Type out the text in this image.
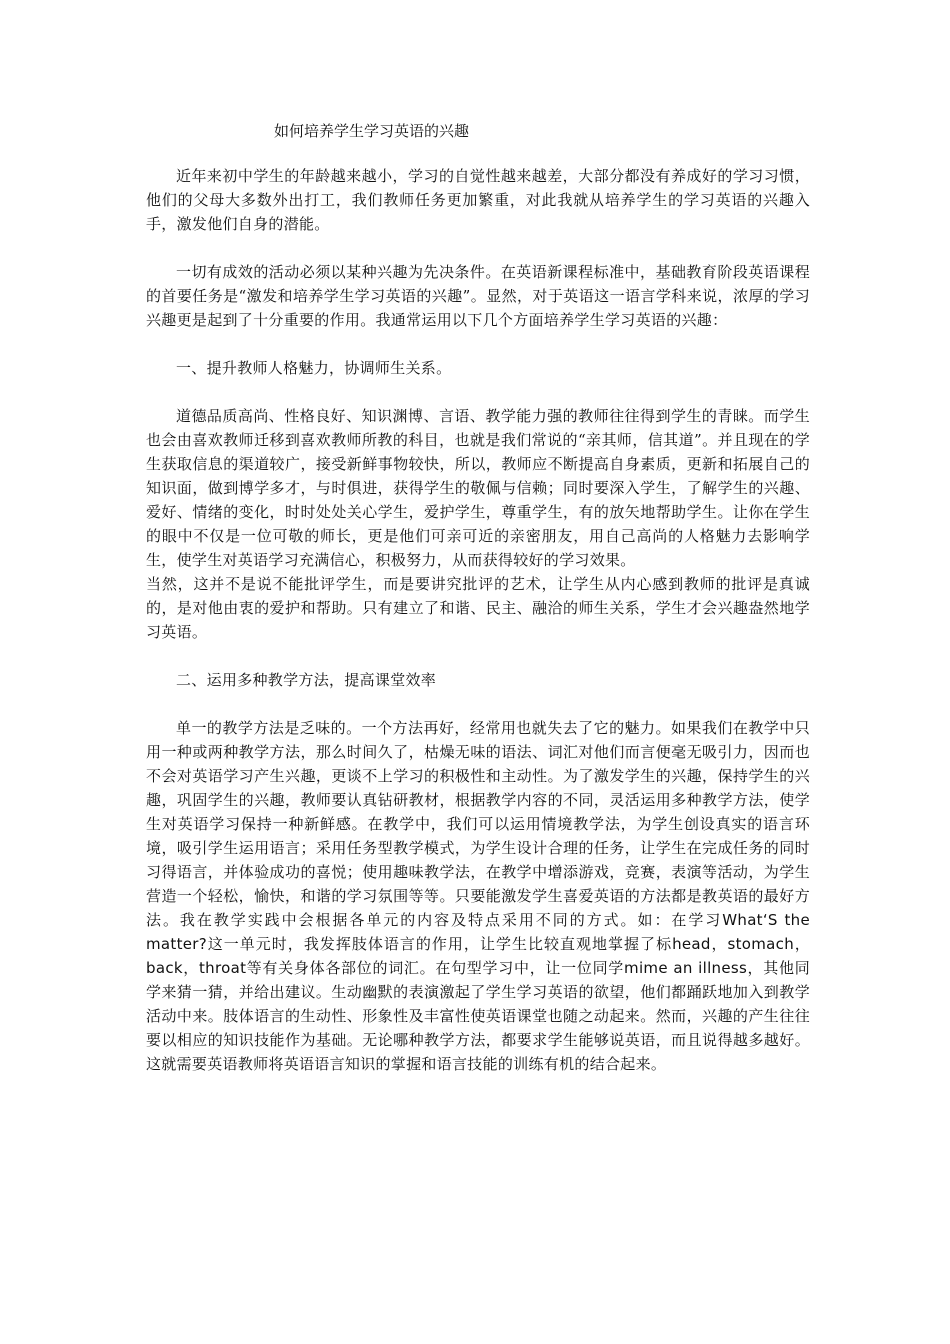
如何培养学生学习英语的兴趣

近年来初中学生的年龄越来越小，学习的自觉性越来越差，大部分都没有养成好的学习习惯，他们的父母大多数外出打工，我们教师任务更加繁重，对此我就从培养学生的学习英语的兴趣入手，激发他们自身的潜能。

一切有成效的活动必须以某种兴趣为先决条件。在英语新课程标准中，基础教育阶段英语课程的首要任务是“激发和培养学生学习英语的兴趣”。显然，对于英语这一语言学科来说，浓厚的学习兴趣更是起到了十分重要的作用。我通常运用以下几个方面培养学生学习英语的兴趣：

一、提升教师人格魅力，协调师生关系。

道德品质高尚、性格良好、知识渊博、言语、教学能力强的教师往往得到学生的青睐。而学生也会由喜欢教师迁移到喜欢教师所教的科目，也就是我们常说的“亲其师，信其道”。并且现在的学生获取信息的渠道较广，接受新鲜事物较快，所以，教师应不断提高自身素质，更新和拓展自己的知识面，做到博学多才，与时俱进，获得学生的敬佩与信赖；同时要深入学生，了解学生的兴趣、爱好、情绪的变化，时时处处关心学生，爱护学生，尊重学生，有的放矢地帮助学生。让你在学生的眼中不仅是一位可敬的师长，更是他们可亲可近的亲密朋友，用自己高尚的人格魅力去影响学生，使学生对英语学习充满信心，积极努力，从而获得较好的学习效果。

当然，这并不是说不能批评学生，而是要讲究批评的艺术，让学生从内心感到教师的批评是真诚的，是对他由衷的爱护和帮助。只有建立了和谐、民主、融洽的师生关系，学生才会兴趣盎然地学习英语。

二、运用多种教学方法，提高课堂效率

单一的教学方法是乏味的。一个方法再好，经常用也就失去了它的魅力。如果我们在教学中只用一种或两种教学方法，那么时间久了，枯燥无味的语法、词汇对他们而言便毫无吸引力，因而也不会对英语学习产生兴趣，更谈不上学习的积极性和主动性。为了激发学生的兴趣，保持学生的兴趣，巩固学生的兴趣，教师要认真钻研教材，根据教学内容的不同，灵活运用多种教学方法，使学生对英语学习保持一种新鲜感。在教学中，我们可以运用情境教学法，为学生创设真实的语言环境，吸引学生运用语言；采用任务型教学模式，为学生设计合理的任务，让学生在完成任务的同时习得语言，并体验成功的喜悦；使用趣味教学法，在教学中增添游戏，竞赛，表演等活动，为学生营造一个轻松，愉快，和谐的学习氛围等等。只要能激发学生喜爱英语的方法都是教英语的最好方法。我在教学实践中会根据各单元的内容及特点采用不同的方式。如：在学习What‘S the matter?这一单元时，我发挥肢体语言的作用，让学生比较直观地掌握了标head，stomach，back，throat等有关身体各部位的词汇。在句型学习中，让一位同学mime an illness，其他同学来猜一猜，并给出建议。生动幽默的表演激起了学生学习英语的欲望，他们都踊跃地加入到教学活动中来。肢体语言的生动性、形象性及丰富性使英语课堂也随之动起来。然而，兴趣的产生往往要以相应的知识技能作为基础。无论哪种教学方法，都要求学生能够说英语，而且说得越多越好。这就需要英语教师将英语语言知识的掌握和语言技能的训练有机的结合起来。
